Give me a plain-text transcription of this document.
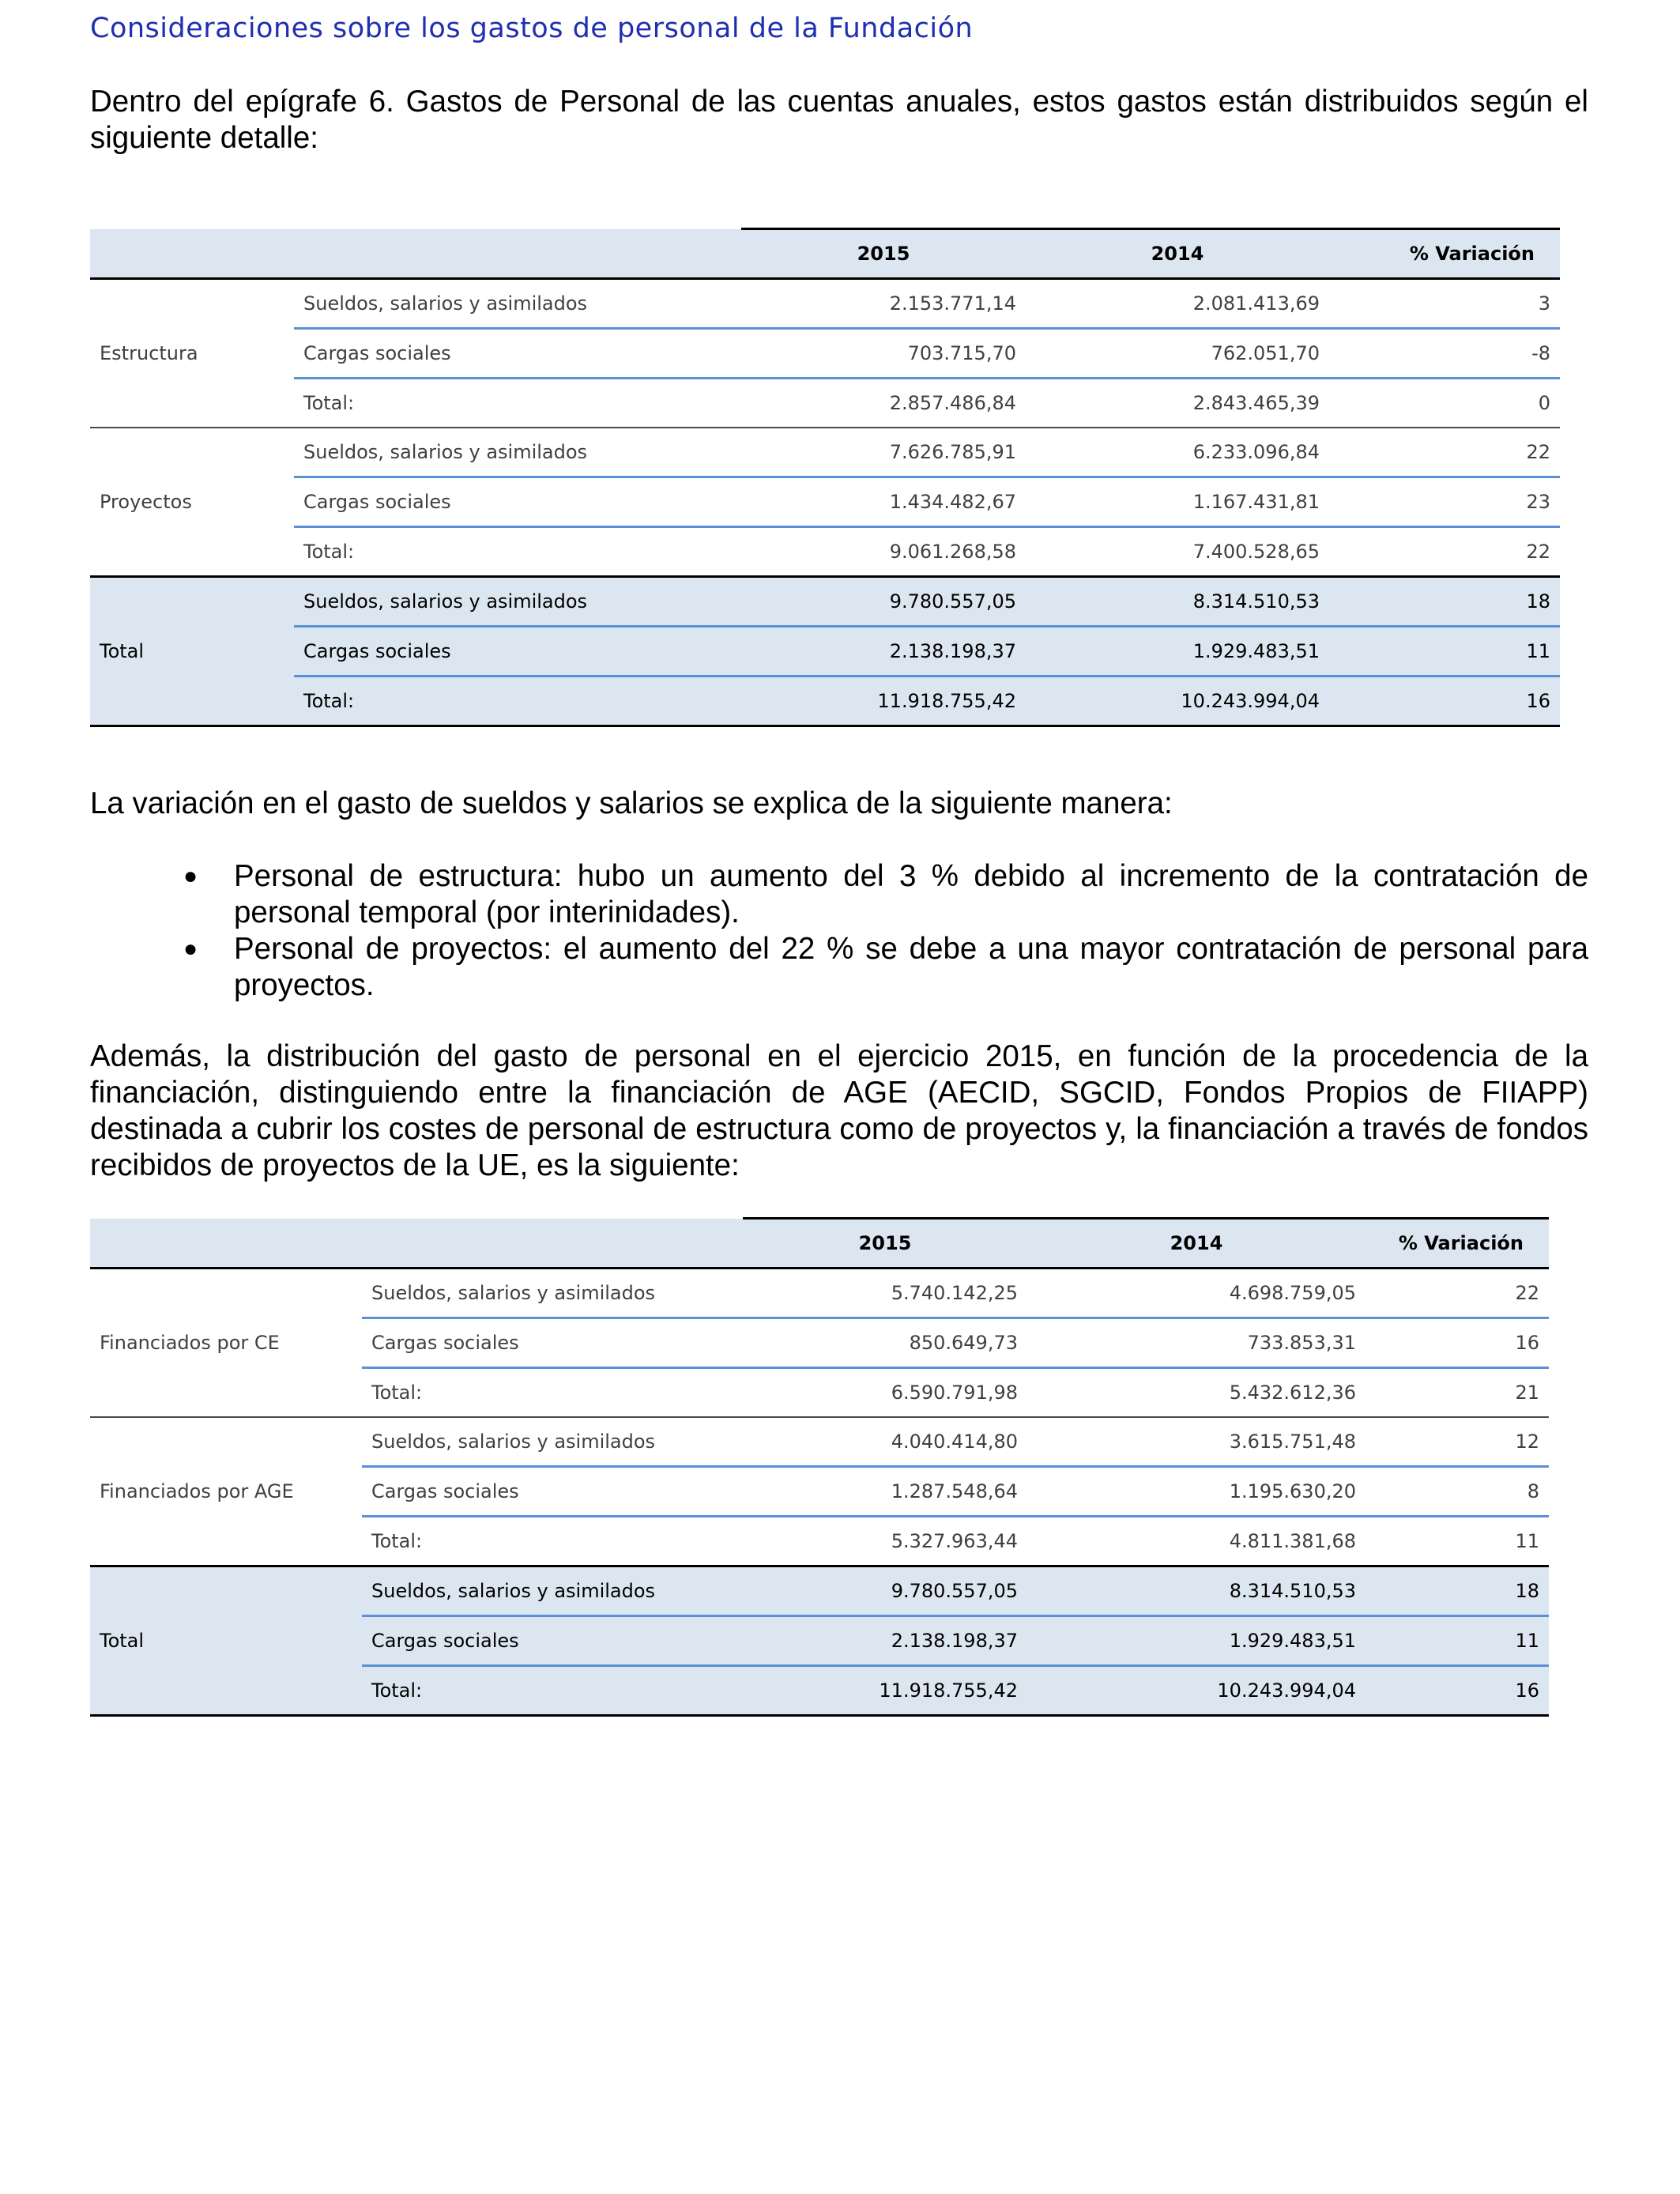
Consideraciones sobre los gastos de personal de la Fundación
Dentro del epígrafe 6. Gastos de Personal de las cuentas anuales, estos gastos están distribuidos según el siguiente detalle:
		2015	2014	% Variación
Estructura	Sueldos, salarios y asimilados	2.153.771,14	2.081.413,69	3
	Cargas sociales	703.715,70	762.051,70	-8
	Total:	2.857.486,84	2.843.465,39	0
Proyectos	Sueldos, salarios y asimilados	7.626.785,91	6.233.096,84	22
	Cargas sociales	1.434.482,67	1.167.431,81	23
	Total:	9.061.268,58	7.400.528,65	22
Total	Sueldos, salarios y asimilados	9.780.557,05	8.314.510,53	18
	Cargas sociales	2.138.198,37	1.929.483,51	11
	Total:	11.918.755,42	10.243.994,04	16
La variación en el gasto de sueldos y salarios se explica de la siguiente manera:
● Personal de estructura: hubo un aumento del 3 % debido al incremento de la contratación de personal temporal (por interinidades).
● Personal de proyectos: el aumento del 22 % se debe a una mayor contratación de personal para proyectos.
Además, la distribución del gasto de personal en el ejercicio 2015, en función de la procedencia de la financiación, distinguiendo entre la financiación de AGE (AECID, SGCID, Fondos Propios de FIIAPP) destinada a cubrir los costes de personal de estructura como de proyectos y, la financiación a través de fondos recibidos de proyectos de la UE, es la siguiente:
		2015	2014	% Variación
Financiados por CE	Sueldos, salarios y asimilados	5.740.142,25	4.698.759,05	22
	Cargas sociales	850.649,73	733.853,31	16
	Total:	6.590.791,98	5.432.612,36	21
Financiados por AGE	Sueldos, salarios y asimilados	4.040.414,80	3.615.751,48	12
	Cargas sociales	1.287.548,64	1.195.630,20	8
	Total:	5.327.963,44	4.811.381,68	11
Total	Sueldos, salarios y asimilados	9.780.557,05	8.314.510,53	18
	Cargas sociales	2.138.198,37	1.929.483,51	11
	Total:	11.918.755,42	10.243.994,04	16
